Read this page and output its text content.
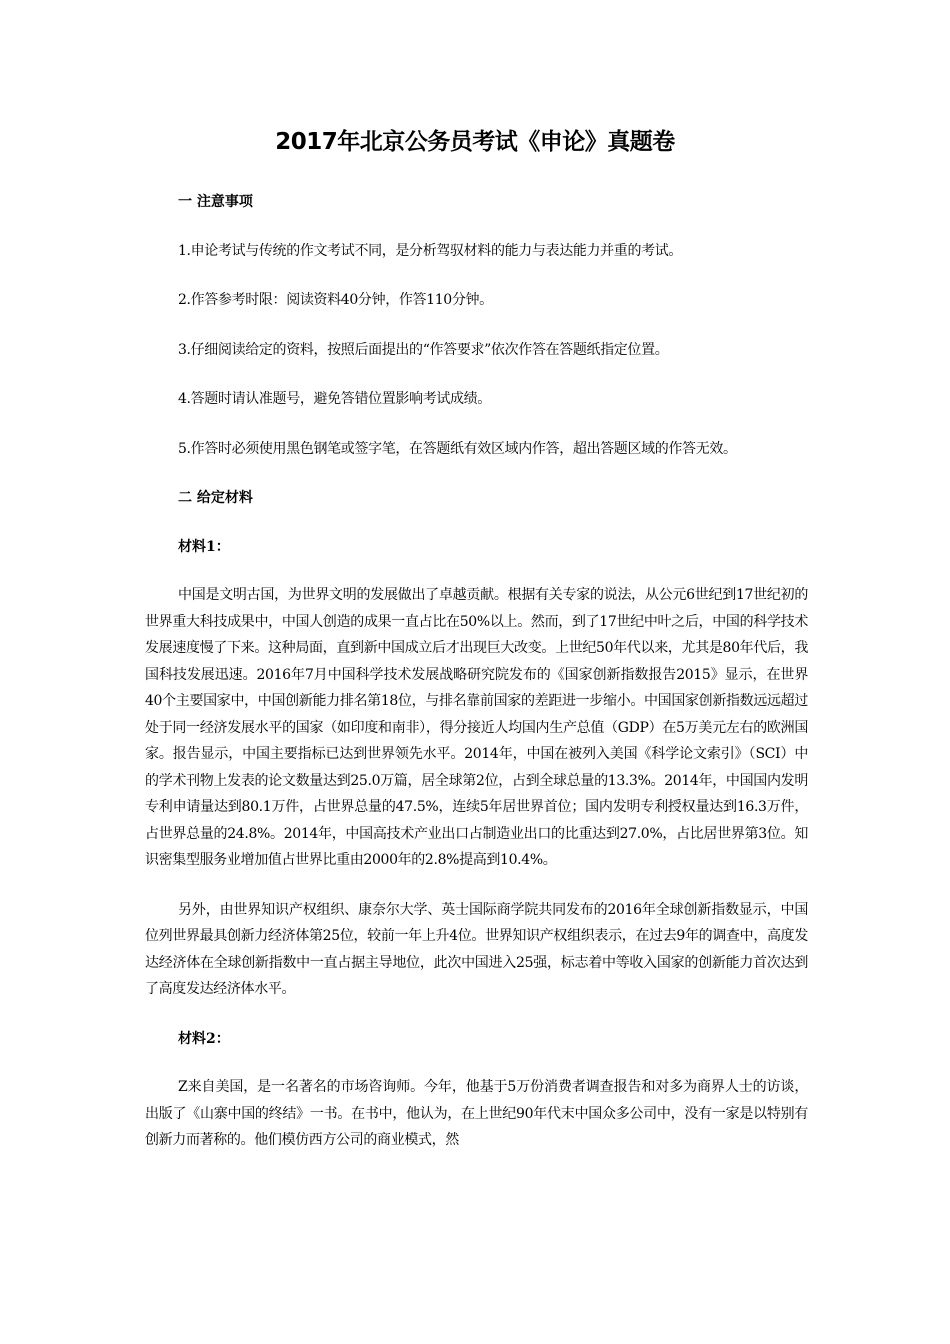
2017年北京公务员考试《申论》真题卷
一 注意事项
1.申论考试与传统的作文考试不同，是分析驾驭材料的能力与表达能力并重的考试。
2.作答参考时限：阅读资料40分钟，作答110分钟。
3.仔细阅读给定的资料，按照后面提出的“作答要求”依次作答在答题纸指定位置。
4.答题时请认准题号，避免答错位置影响考试成绩。
5.作答时必须使用黑色钢笔或签字笔，在答题纸有效区域内作答，超出答题区域的作答无效。
二 给定材料
材料1：
中国是文明古国，为世界文明的发展做出了卓越贡献。根据有关专家的说法，从公元6世纪到17世纪初的世界重大科技成果中，中国人创造的成果一直占比在50%以上。然而，到了17世纪中叶之后，中国的科学技术发展速度慢了下来。这种局面，直到新中国成立后才出现巨大改变。上世纪50年代以来，尤其是80年代后，我国科技发展迅速。2016年7月中国科学技术发展战略研究院发布的《国家创新指数报告2015》显示，在世界40个主要国家中，中国创新能力排名第18位，与排名靠前国家的差距进一步缩小。中国国家创新指数远远超过处于同一经济发展水平的国家（如印度和南非），得分接近人均国内生产总值（GDP）在5万美元左右的欧洲国家。报告显示，中国主要指标已达到世界领先水平。2014年，中国在被列入美国《科学论文索引》（SCI）中的学术刊物上发表的论文数量达到25.0万篇，居全球第2位，占到全球总量的13.3%。2014年，中国国内发明专利申请量达到80.1万件，占世界总量的47.5%，连续5年居世界首位；国内发明专利授权量达到16.3万件，占世界总量的24.8%。2014年，中国高技术产业出口占制造业出口的比重达到27.0%，占比居世界第3位。知识密集型服务业增加值占世界比重由2000年的2.8%提高到10.4%。
另外，由世界知识产权组织、康奈尔大学、英士国际商学院共同发布的2016年全球创新指数显示，中国位列世界最具创新力经济体第25位，较前一年上升4位。世界知识产权组织表示，在过去9年的调查中，高度发达经济体在全球创新指数中一直占据主导地位，此次中国进入25强，标志着中等收入国家的创新能力首次达到了高度发达经济体水平。
材料2：
Z来自美国，是一名著名的市场咨询师。今年，他基于5万份消费者调查报告和对多为商界人士的访谈，出版了《山寨中国的终结》一书。在书中，他认为，在上世纪90年代末中国众多公司中，没有一家是以特别有创新力而著称的。他们模仿西方公司的商业模式，然
